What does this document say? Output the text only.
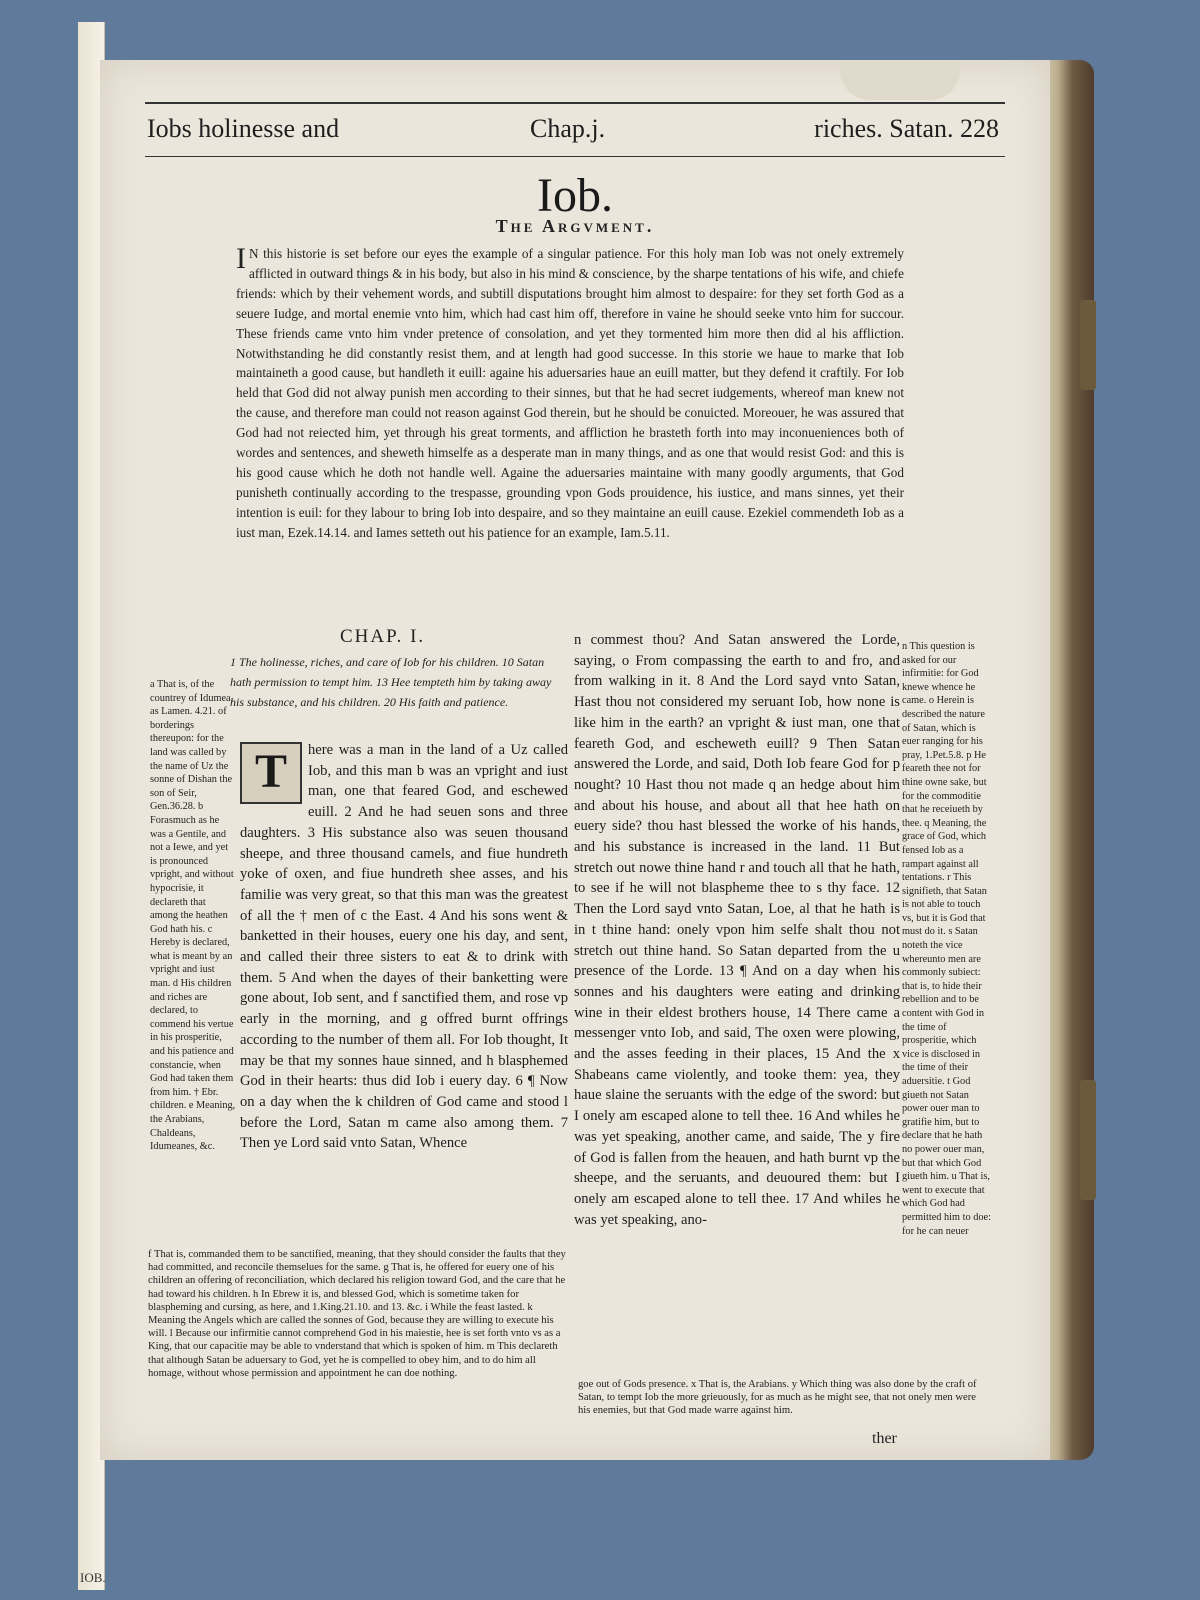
IOB.
Iobs holinesse and	Chap.j.	riches. Satan. 228
Iob.
The Argvment.
IN this historie is set before our eyes the example of a singular patience. For this holy man Iob was not onely extremely afflicted in outward things & in his body, but also in his mind & conscience, by the sharpe tentations of his wife, and chiefe friends: which by their vehement words, and subtill disputations brought him almost to despaire: for they set forth God as a seuere Iudge, and mortal enemie vnto him, which had cast him off, therefore in vaine he should seeke vnto him for succour. These friends came vnto him vnder pretence of consolation, and yet they tormented him more then did al his affliction. Notwithstanding he did constantly resist them, and at length had good successe. In this storie we haue to marke that Iob maintaineth a good cause, but handleth it euill: againe his aduersaries haue an euill matter, but they defend it craftily. For Iob held that God did not alway punish men according to their sinnes, but that he had secret iudgements, whereof man knew not the cause, and therefore man could not reason against God therein, but he should be conuicted. Moreouer, he was assured that God had not reiected him, yet through his great torments, and affliction he brasteth forth into may inconueniences both of wordes and sentences, and sheweth himselfe as a desperate man in many things, and as one that would resist God: and this is his good cause which he doth not handle well. Againe the aduersaries maintaine with many goodly arguments, that God punisheth continually according to the trespasse, grounding vpon Gods prouidence, his iustice, and mans sinnes, yet their intention is euil: for they labour to bring Iob into despaire, and so they maintaine an euill cause. Ezekiel commendeth Iob as a iust man, Ezek.14.14. and Iames setteth out his patience for an example, Iam.5.11.
CHAP. I.
1 The holinesse, riches, and care of Iob for his children. 10 Satan hath permission to tempt him. 13 Hee tempteth him by taking away his substance, and his children. 20 His faith and patience.
a That is, of the countrey of Idumea, as Lamen. 4.21. of borderings thereupon: for the land was called by the name of Uz the sonne of Dishan the son of Seir, Gen.36.28. b Forasmuch as he was a Gentile, and not a Iewe, and yet is pronounced vpright, and without hypocrisie, it declareth that among the heathen God hath his. c Hereby is declared, what is meant by an vpright and iust man. d His children and riches are declared, to commend his vertue in his prosperitie, and his patience and constancie, when God had taken them from him. † Ebr. children. e Meaning, the Arabians, Chaldeans, Idumeanes, &c.
T	here was a man in the land of a Uz called Iob, and this man b was an vpright and iust man, one that feared God, and eschewed euill. 2 And he had seuen sons and three daughters. 3 His substance also was seuen thousand sheepe, and three thousand camels, and fiue hundreth yoke of oxen, and fiue hundreth shee asses, and his familie was very great, so that this man was the greatest of all the † men of c the East. 4 And his sons went & banketted in their houses, euery one his day, and sent, and called their three sisters to eat & to drink with them. 5 And when the dayes of their banketting were gone about, Iob sent, and f sanctified them, and rose vp early in the morning, and g offred burnt offrings according to the number of them all. For Iob thought, It may be that my sonnes haue sinned, and h blasphemed God in their hearts: thus did Iob i euery day. 6 ¶ Now on a day when the k children of God came and stood l before the Lord, Satan m came also among them. 7 Then ye Lord said vnto Satan, Whence
n commest thou? And Satan answered the Lorde, saying, o From compassing the earth to and fro, and from walking in it. 8 And the Lord sayd vnto Satan, Hast thou not considered my seruant Iob, how none is like him in the earth? an vpright & iust man, one that feareth God, and escheweth euill? 9 Then Satan answered the Lorde, and said, Doth Iob feare God for p nought? 10 Hast thou not made q an hedge about him and about his house, and about all that hee hath on euery side? thou hast blessed the worke of his hands, and his substance is increased in the land. 11 But stretch out nowe thine hand r and touch all that he hath, to see if he will not blaspheme thee to s thy face. 12 Then the Lord sayd vnto Satan, Loe, al that he hath is in t thine hand: onely vpon him selfe shalt thou not stretch out thine hand. So Satan departed from the u presence of the Lorde. 13 ¶ And on a day when his sonnes and his daughters were eating and drinking wine in their eldest brothers house, 14 There came a messenger vnto Iob, and said, The oxen were plowing, and the asses feeding in their places, 15 And the x Shabeans came violently, and tooke them: yea, they haue slaine the seruants with the edge of the sword: but I onely am escaped alone to tell thee. 16 And whiles he was yet speaking, another came, and saide, The y fire of God is fallen from the heauen, and hath burnt vp the sheepe, and the seruants, and deuoured them: but I onely am escaped alone to tell thee. 17 And whiles he was yet speaking, ano-
n This question is asked for our infirmitie: for God knewe whence he came. o Herein is described the nature of Satan, which is euer ranging for his pray, 1.Pet.5.8. p He feareth thee not for thine owne sake, but for the commoditie that he receiueth by thee. q Meaning, the grace of God, which fensed Iob as a rampart against all tentations. r This signifieth, that Satan is not able to touch vs, but it is God that must do it. s Satan noteth the vice whereunto men are commonly subiect: that is, to hide their rebellion and to be content with God in the time of prosperitie, which vice is disclosed in the time of their aduersitie. t God giueth not Satan power ouer man to gratifie him, but to declare that he hath no power ouer man, but that which God giueth him. u That is, went to execute that which God had permitted him to doe: for he can neuer
f That is, commanded them to be sanctified, meaning, that they should consider the faults that they had committed, and reconcile themselues for the same. g That is, he offered for euery one of his children an offering of reconciliation, which declared his religion toward God, and the care that he had toward his children. h In Ebrew it is, and blessed God, which is sometime taken for blaspheming and cursing, as here, and 1.King.21.10. and 13. &c. i While the feast lasted. k Meaning the Angels which are called the sonnes of God, because they are willing to execute his will. l Because our infirmitie cannot comprehend God in his maiestie, hee is set forth vnto vs as a King, that our capacitie may be able to vnderstand that which is spoken of him. m This declareth that although Satan be aduersary to God, yet he is compelled to obey him, and to do him all homage, without whose permission and appointment he can doe nothing.
goe out of Gods presence. x That is, the Arabians. y Which thing was also done by the craft of Satan, to tempt Iob the more grieuously, for as much as he might see, that not onely men were his enemies, but that God made warre against him.
ther
